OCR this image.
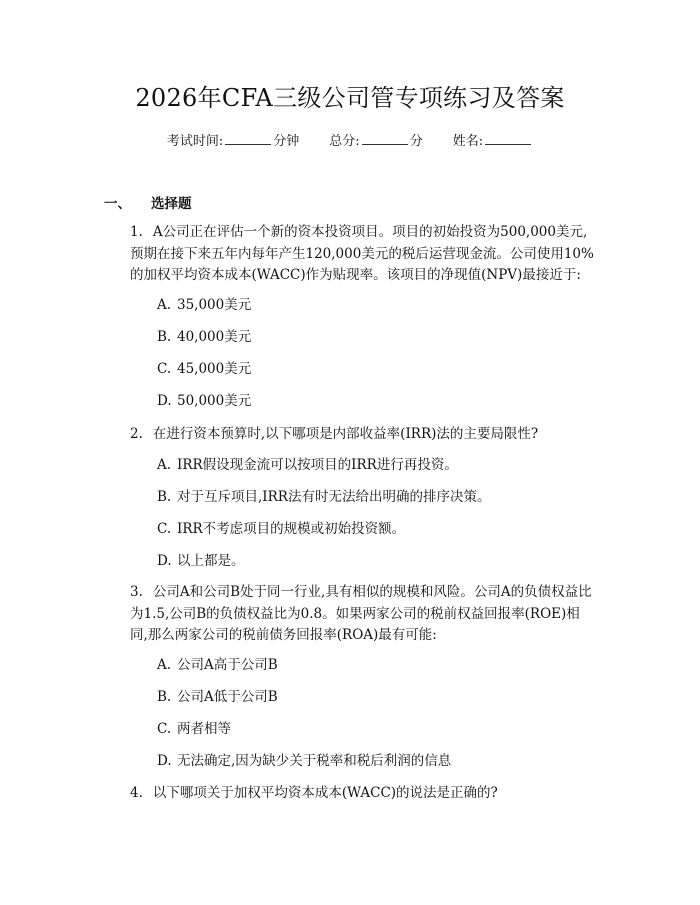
2026年CFA三级公司管专项练习及答案
考试时间:	分钟 总分:	分 姓名:
一、 选择题
1. A公司正在评估一个新的资本投资项目。项目的初始投资为500,000美元,预期在接下来五年内每年产生120,000美元的税后运营现金流。公司使用10%的加权平均资本成本(WACC)作为贴现率。该项目的净现值(NPV)最接近于:
A. 35,000美元
B. 40,000美元
C. 45,000美元
D. 50,000美元
2. 在进行资本预算时,以下哪项是内部收益率(IRR)法的主要局限性?
A. IRR假设现金流可以按项目的IRR进行再投资。
B. 对于互斥项目,IRR法有时无法给出明确的排序决策。
C. IRR不考虑项目的规模或初始投资额。
D. 以上都是。
3. 公司A和公司B处于同一行业,具有相似的规模和风险。公司A的负债权益比为1.5,公司B的负债权益比为0.8。如果两家公司的税前权益回报率(ROE)相同,那么两家公司的税前债务回报率(ROA)最有可能:
A. 公司A高于公司B
B. 公司A低于公司B
C. 两者相等
D. 无法确定,因为缺少关于税率和税后利润的信息
4. 以下哪项关于加权平均资本成本(WACC)的说法是正确的?
